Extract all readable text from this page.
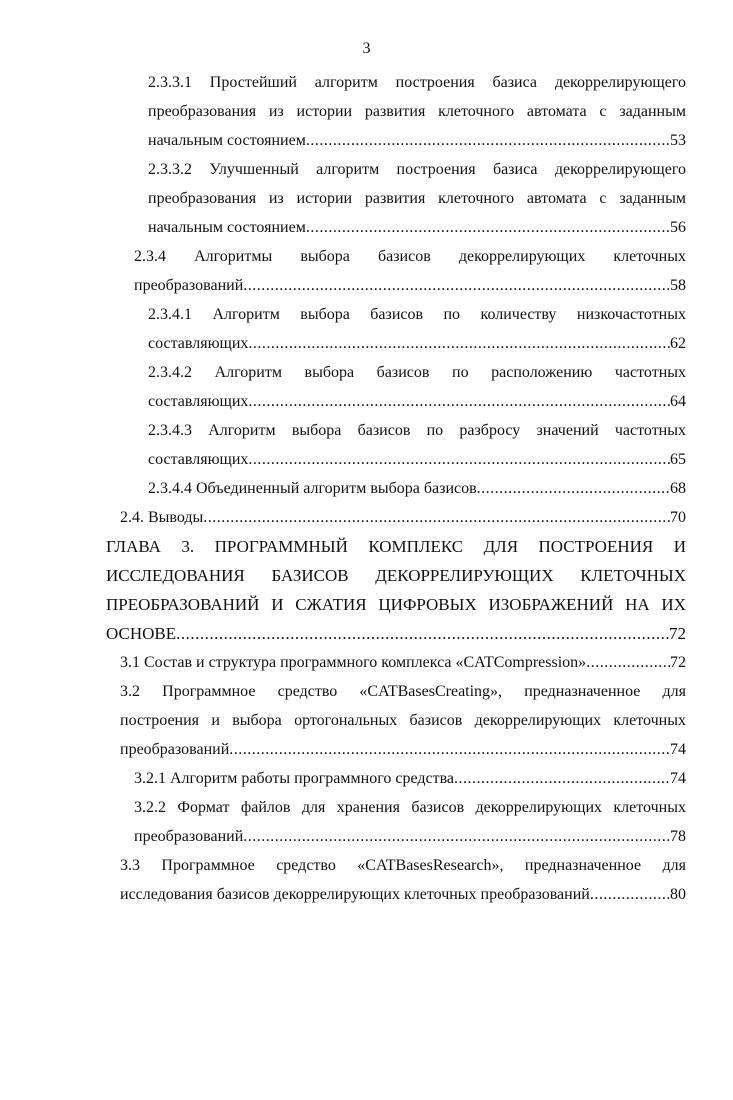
3
2.3.3.1 Простейший алгоритм построения базиса декоррелирующего
преобразования из истории развития клеточного автомата с заданным
начальным состоянием .....	53
2.3.3.2 Улучшенный алгоритм построения базиса декоррелирующего
преобразования из истории развития клеточного автомата с заданным
начальным состоянием .....	56
2.3.4 Алгоритмы выбора базисов декоррелирующих клеточных
преобразований .....	58
2.3.4.1 Алгоритм выбора базисов по количеству низкочастотных
составляющих .....	62
2.3.4.2 Алгоритм выбора базисов по расположению частотных
составляющих .....	64
2.3.4.3 Алгоритм выбора базисов по разбросу значений частотных
составляющих .....	65
2.3.4.4 Объединенный алгоритм выбора базисов .....	68
2.4. Выводы .....	70
ГЛАВА 3. ПРОГРАММНЫЙ КОМПЛЕКС ДЛЯ ПОСТРОЕНИЯ И
ИССЛЕДОВАНИЯ БАЗИСОВ ДЕКОРРЕЛИРУЮЩИХ КЛЕТОЧНЫХ
ПРЕОБРАЗОВАНИЙ И СЖАТИЯ ЦИФРОВЫХ ИЗОБРАЖЕНИЙ НА ИХ
ОСНОВЕ .....	72
3.1 Состав и структура программного комплекса «CATCompression» .....	72
3.2 Программное средство «CATBasesCreating», предназначенное для
построения и выбора ортогональных базисов декоррелирующих клеточных
преобразований .....	74
3.2.1 Алгоритм работы программного средства .....	74
3.2.2 Формат файлов для хранения базисов декоррелирующих клеточных
преобразований .....	78
3.3 Программное средство «CATBasesResearch», предназначенное для
исследования базисов декоррелирующих клеточных преобразований .....	80
